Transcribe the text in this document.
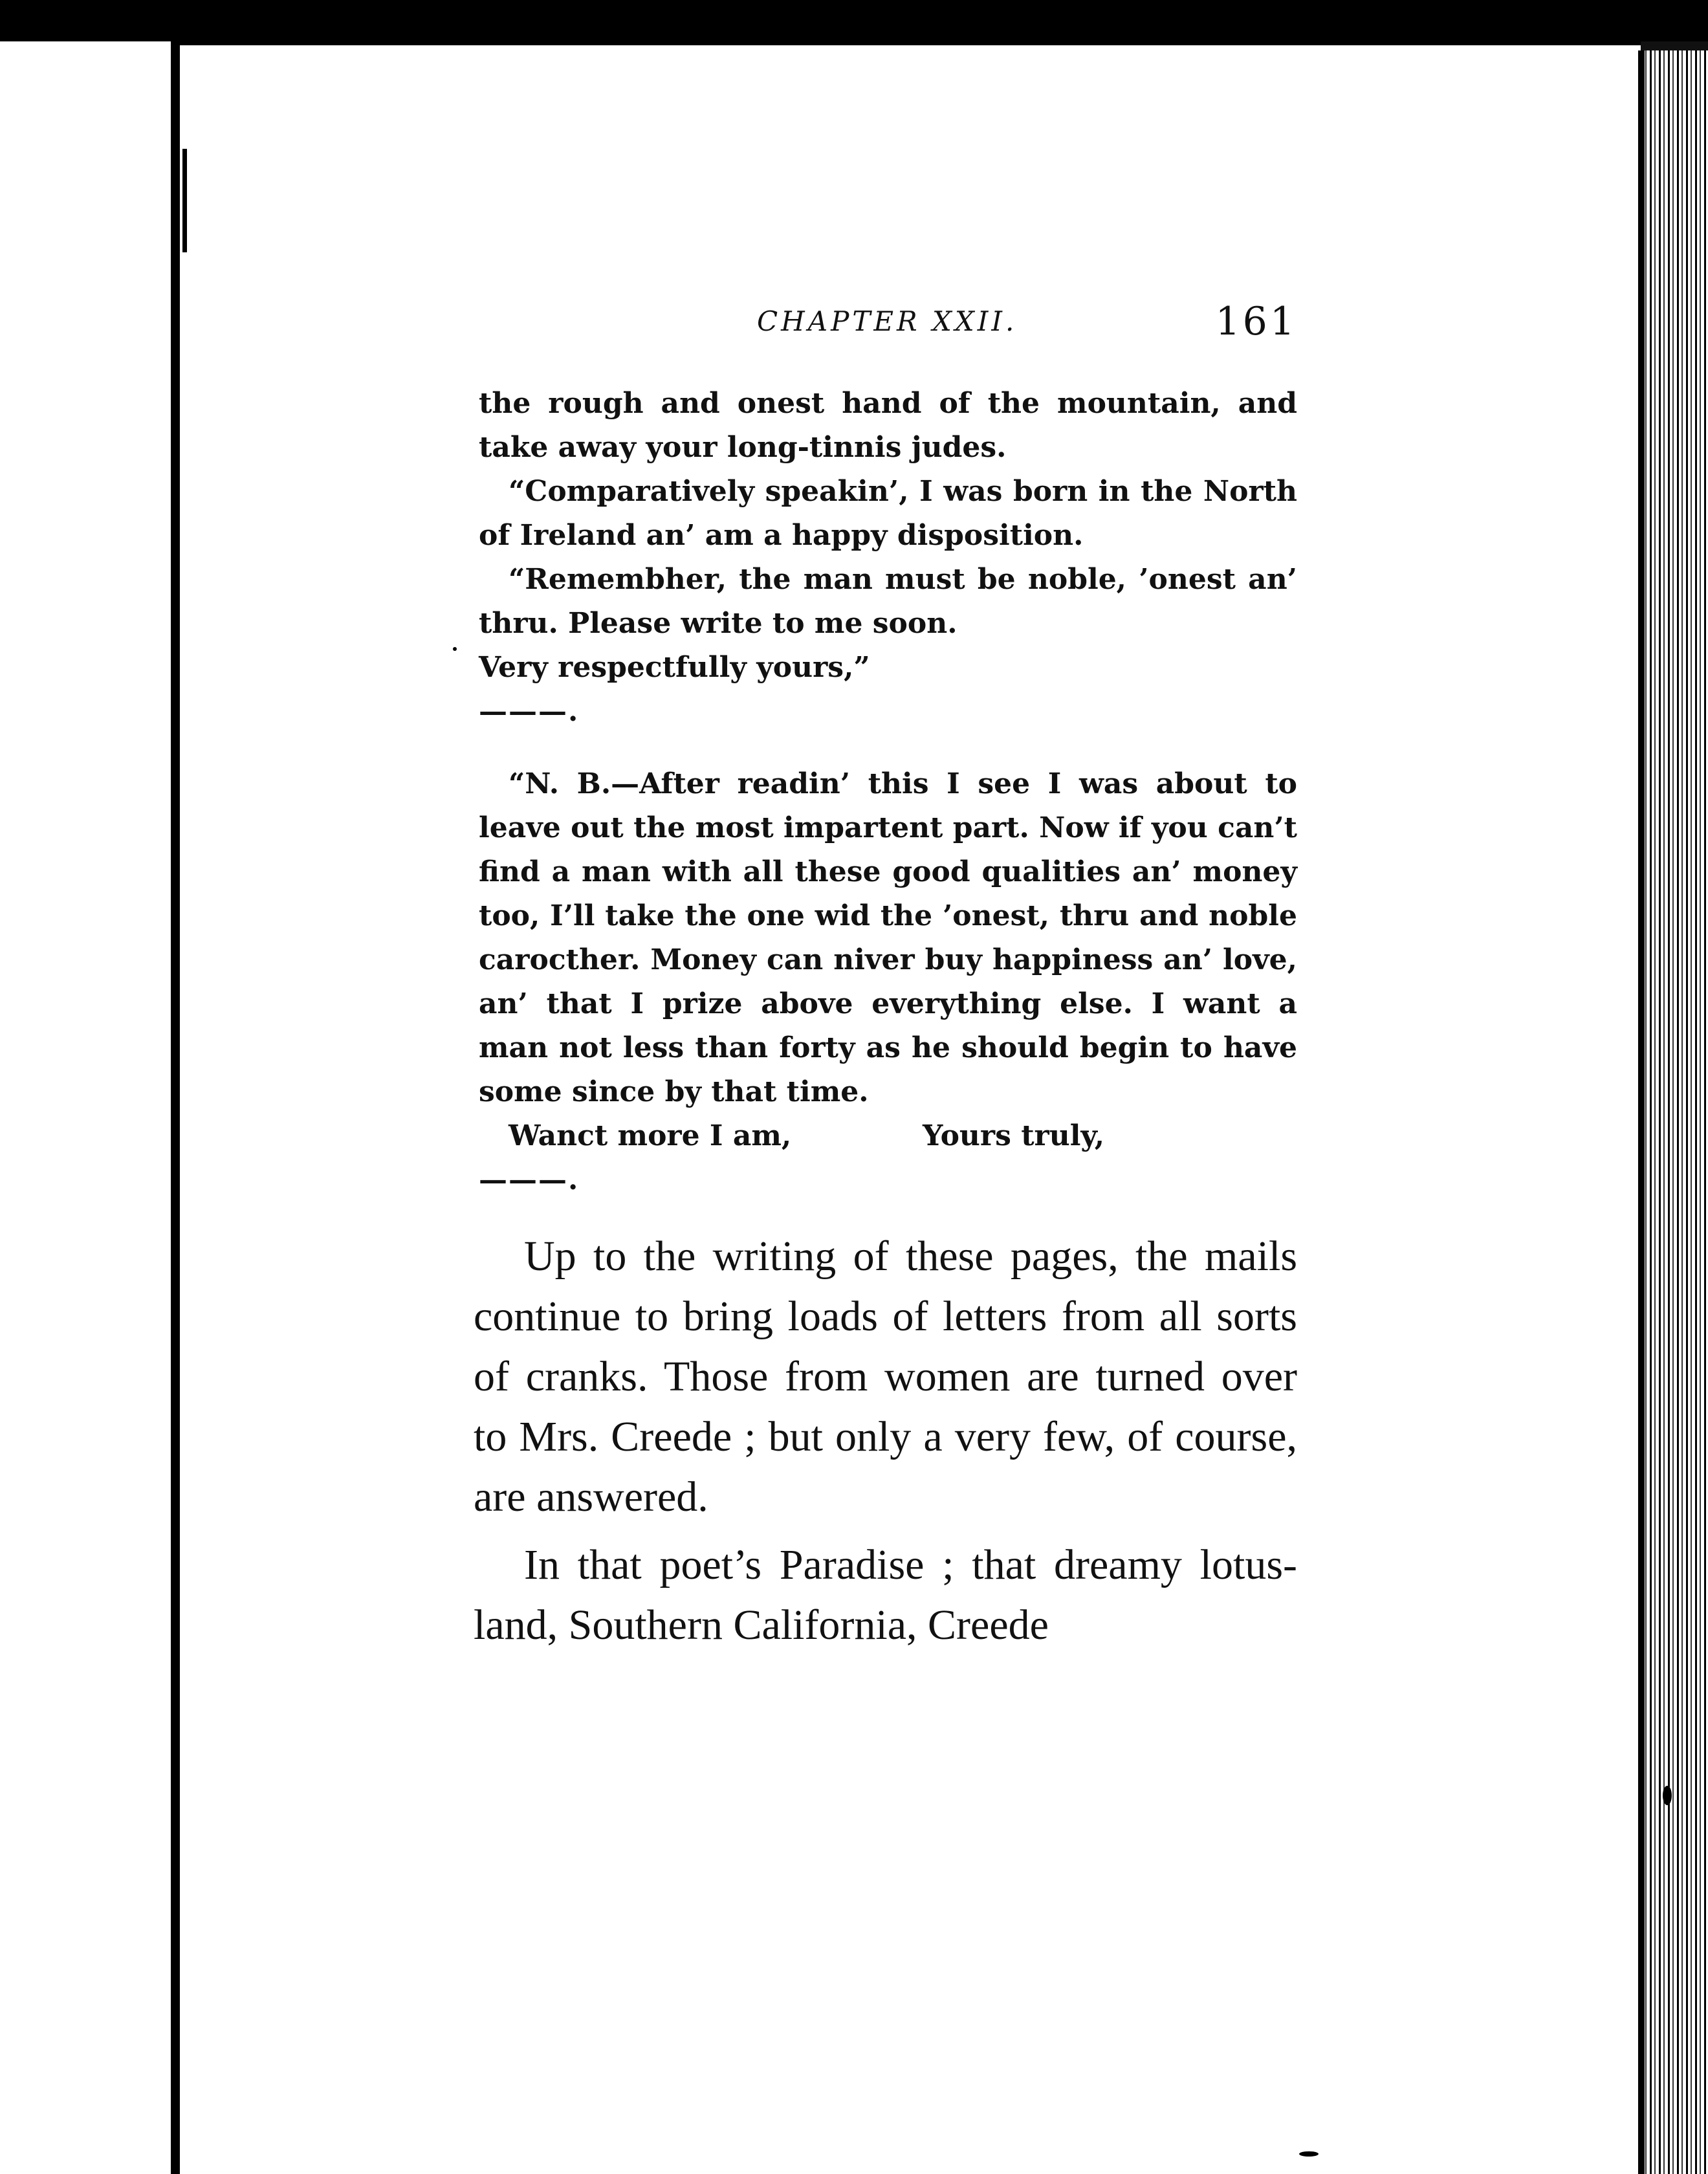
CHAPTER XXII.	161

the rough and onest hand of the mountain, and take away your long-tinnis judes.

“Comparatively speakin’, I was born in the North of Ireland an’ am a happy disposition.

“Remembher, the man must be noble, ’onest an’ thru. Please write to me soon.

Very respectfully yours,”

———.

“N. B.—After readin’ this I see I was about to leave out the most impartent part. Now if you can’t find a man with all these good qualities an’ money too, I’ll take the one wid the ’onest, thru and noble carocther. Money can niver buy happiness an’ love, an’ that I prize above everything else. I want a man not less than forty as he should begin to have some since by that time.

Wanct more I am,	Yours truly,

———.

Up to the writing of these pages, the mails continue to bring loads of letters from all sorts of cranks. Those from women are turned over to Mrs. Creede ; but only a very few, of course, are answered.

In that poet’s Paradise ; that dreamy lotus-land, Southern California, Creede
